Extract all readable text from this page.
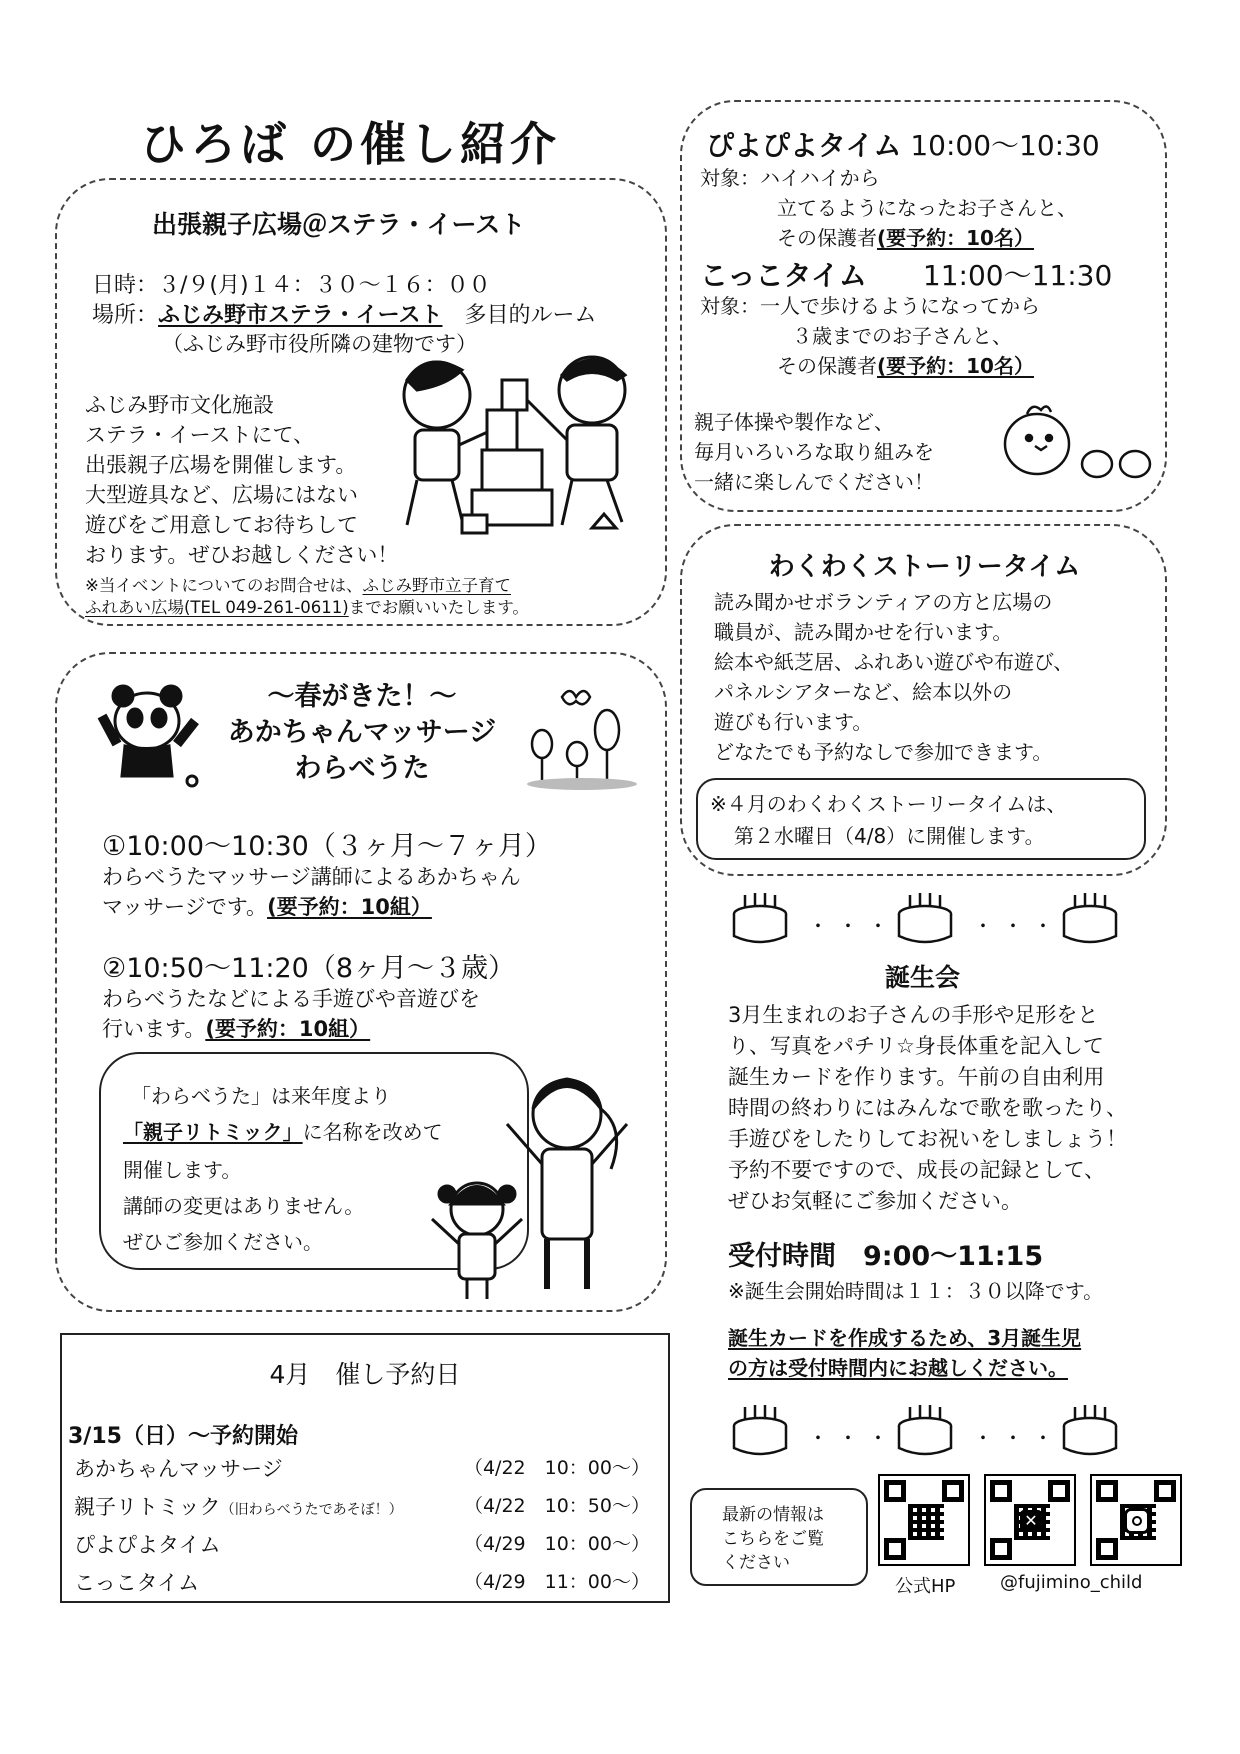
ひろば の催し紹介
出張親子広場＠ステラ・イースト
日時：３/９(月)１４：３０～１６：００
場所：ふじみ野市ステラ・イースト　 多目的ルーム
（ふじみ野市役所隣の建物です）
ふじみ野市文化施設
ステラ・イーストにて、
出張親子広場を開催します。
大型遊具など、広場にはない
遊びをご用意してお待ちして
おります。ぜひお越しください！
※当イベントについてのお問合せは、ふじみ野市立子育て
ふれあい広場(TEL 049-261-0611)までお願いいたします。
～春がきた！～
あかちゃんマッサージ
わらべうた
①10:00～10:30（３ヶ月～７ヶ月）
わらべうたマッサージ講師によるあかちゃん
マッサージです。(要予約：10組）
②10:50～11:20（8ヶ月～３歳）
わらべうたなどによる手遊びや音遊びを
行います。(要予約：10組）
「わらべうた」は来年度より
「親子リトミック」に名称を改めて
開催します。
講師の変更はありません。
ぜひご参加ください。
4月　催し予約日
3/15（日）～予約開始
あかちゃんマッサージ	（4/22　10：00～）
親子リトミック（旧わらべうたであそぼ！）	（4/22　10：50～）
ぴよぴよタイム	（4/29　10：00～）
こっこタイム	（4/29　11：00～）
ぴよぴよタイム 10:00～10:30
対象：ハイハイから
立てるようになったお子さんと、
その保護者(要予約：10名）
こっこタイム　　 11:00～11:30
対象：一人で歩けるようになってから
３歳までのお子さんと、
その保護者(要予約：10名）
親子体操や製作など、
毎月いろいろな取り組みを
一緒に楽しんでください！
わくわくストーリータイム
読み聞かせボランティアの方と広場の
職員が、読み聞かせを行います。
絵本や紙芝居、ふれあい遊びや布遊び、
パネルシアターなど、絵本以外の
遊びも行います。
どなたでも予約なしで参加できます。
※４月のわくわくストーリータイムは、
第２水曜日（4/8）に開催します。
・・・	・・・
誕生会
3月生まれのお子さんの手形や足形をと
り、写真をパチリ☆身長体重を記入して
誕生カードを作ります。午前の自由利用
時間の終わりにはみんなで歌を歌ったり、
手遊びをしたりしてお祝いをしましょう！
予約不要ですので、成長の記録として、
ぜひお気軽にご参加ください。
受付時間　 9:00～11:15
※誕生会開始時間は１１：３０以降です。
誕生カードを作成するため、3月誕生児
の方は受付時間内にお越しください。
・・・	・・・
最新の情報は
こちらをご覧
ください
✕
公式HP @fujimino_child
